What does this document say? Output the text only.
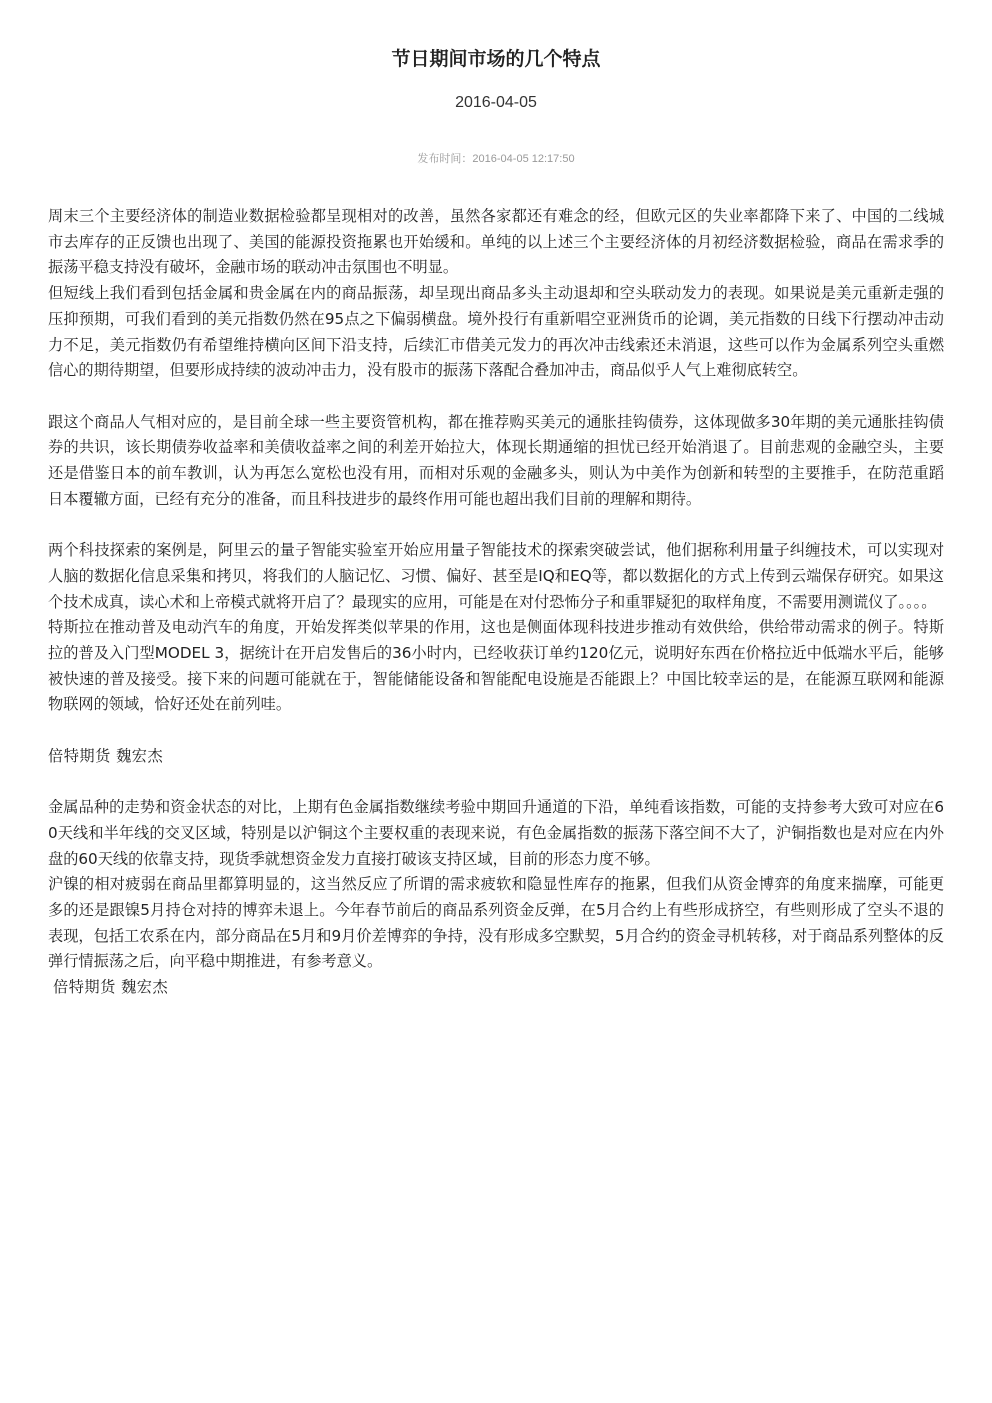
节日期间市场的几个特点
2016-04-05
发布时间：2016-04-05 12:17:50

周末三个主要经济体的制造业数据检验都呈现相对的改善，虽然各家都还有难念的经，但欧元区的失业率都降下来了、中国的二线城市去库存的正反馈也出现了、美国的能源投资拖累也开始缓和。单纯的以上述三个主要经济体的月初经济数据检验，商品在需求季的振荡平稳支持没有破坏，金融市场的联动冲击氛围也不明显。

但短线上我们看到包括金属和贵金属在内的商品振荡，却呈现出商品多头主动退却和空头联动发力的表现。如果说是美元重新走强的压抑预期，可我们看到的美元指数仍然在95点之下偏弱横盘。境外投行有重新唱空亚洲货币的论调，美元指数的日线下行摆动冲击动力不足，美元指数仍有希望维持横向区间下沿支持，后续汇市借美元发力的再次冲击线索还未消退，这些可以作为金属系列空头重燃信心的期待期望，但要形成持续的波动冲击力，没有股市的振荡下落配合叠加冲击，商品似乎人气上难彻底转空。

跟这个商品人气相对应的，是目前全球一些主要资管机构，都在推荐购买美元的通胀挂钩债券，这体现做多30年期的美元通胀挂钩债券的共识，该长期债券收益率和美债收益率之间的利差开始拉大，体现长期通缩的担忧已经开始消退了。目前悲观的金融空头，主要还是借鉴日本的前车教训，认为再怎么宽松也没有用，而相对乐观的金融多头，则认为中美作为创新和转型的主要推手，在防范重蹈日本覆辙方面，已经有充分的准备，而且科技进步的最终作用可能也超出我们目前的理解和期待。

两个科技探索的案例是，阿里云的量子智能实验室开始应用量子智能技术的探索突破尝试，他们据称利用量子纠缠技术，可以实现对人脑的数据化信息采集和拷贝，将我们的人脑记忆、习惯、偏好、甚至是IQ和EQ等，都以数据化的方式上传到云端保存研究。如果这个技术成真，读心术和上帝模式就将开启了？最现实的应用，可能是在对付恐怖分子和重罪疑犯的取样角度，不需要用测谎仪了。。。。

特斯拉在推动普及电动汽车的角度，开始发挥类似苹果的作用，这也是侧面体现科技进步推动有效供给，供给带动需求的例子。特斯拉的普及入门型MODEL 3，据统计在开启发售后的36小时内，已经收获订单约120亿元，说明好东西在价格拉近中低端水平后，能够被快速的普及接受。接下来的问题可能就在于，智能储能设备和智能配电设施是否能跟上？中国比较幸运的是，在能源互联网和能源物联网的领域，恰好还处在前列哇。

倍特期货 魏宏杰

金属品种的走势和资金状态的对比，上期有色金属指数继续考验中期回升通道的下沿，单纯看该指数，可能的支持参考大致可对应在60天线和半年线的交叉区域，特别是以沪铜这个主要权重的表现来说，有色金属指数的振荡下落空间不大了，沪铜指数也是对应在内外盘的60天线的依靠支持，现货季就想资金发力直接打破该支持区域，目前的形态力度不够。

沪镍的相对疲弱在商品里都算明显的，这当然反应了所谓的需求疲软和隐显性库存的拖累，但我们从资金博弈的角度来揣摩，可能更多的还是跟镍5月持仓对持的博弈未退上。今年春节前后的商品系列资金反弹，在5月合约上有些形成挤空，有些则形成了空头不退的表现，包括工农系在内，部分商品在5月和9月价差博弈的争持，没有形成多空默契，5月合约的资金寻机转移，对于商品系列整体的反弹行情振荡之后，向平稳中期推进，有参考意义。

倍特期货 魏宏杰
